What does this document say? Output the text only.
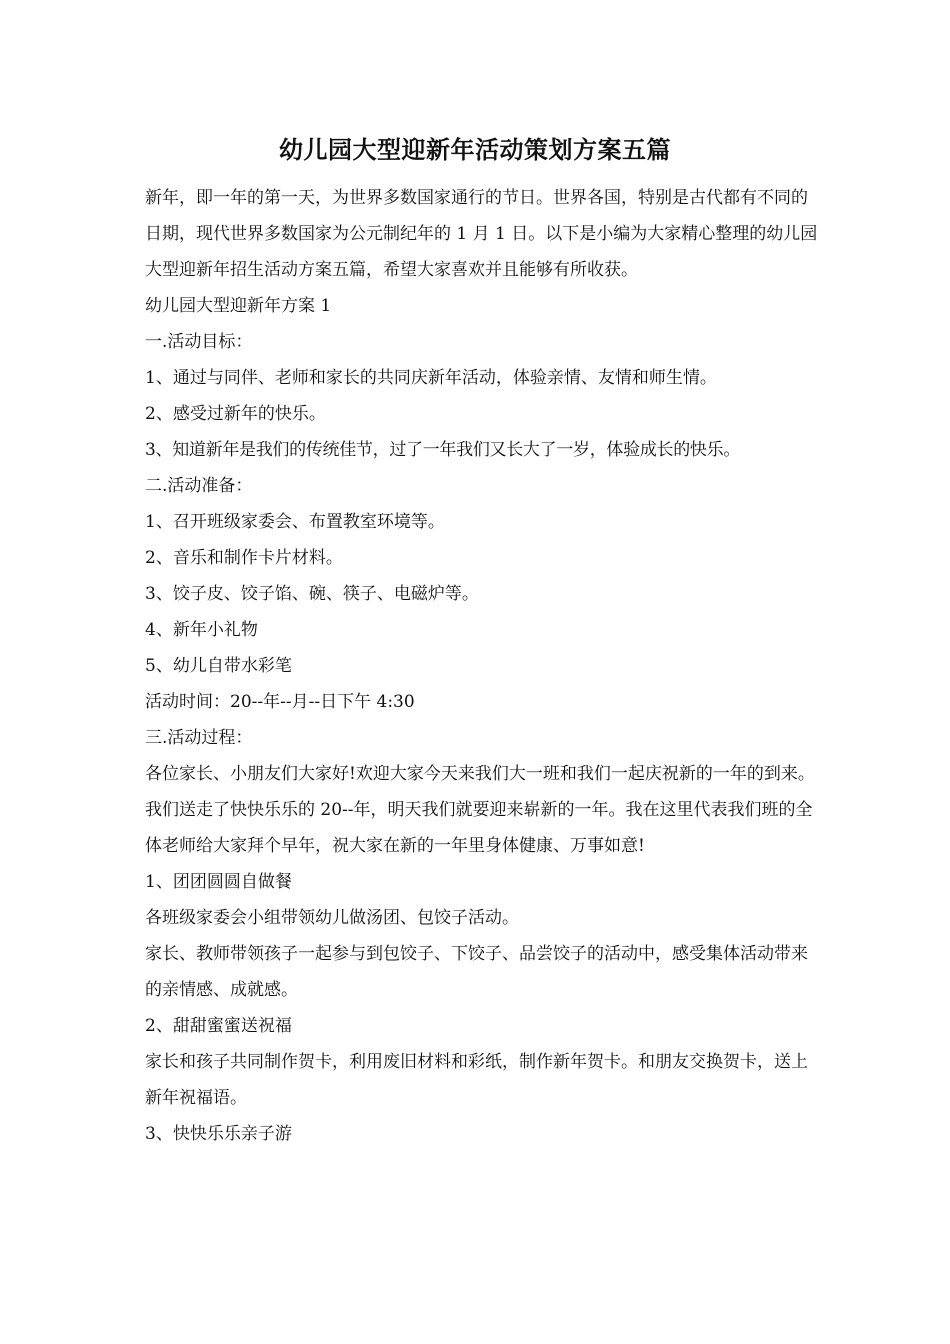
幼儿园大型迎新年活动策划方案五篇

新年，即一年的第一天，为世界多数国家通行的节日。世界各国，特别是古代都有不同的日期，现代世界多数国家为公元制纪年的 1 月 1 日。以下是小编为大家精心整理的幼儿园大型迎新年招生活动方案五篇，希望大家喜欢并且能够有所收获。

幼儿园大型迎新年方案 1

一.活动目标：

1、通过与同伴、老师和家长的共同庆新年活动，体验亲情、友情和师生情。

2、感受过新年的快乐。

3、知道新年是我们的传统佳节，过了一年我们又长大了一岁，体验成长的快乐。

二.活动准备：

1、召开班级家委会、布置教室环境等。

2、音乐和制作卡片材料。

3、饺子皮、饺子馅、碗、筷子、电磁炉等。

4、新年小礼物

5、幼儿自带水彩笔

活动时间：20--年--月--日下午 4:30

三.活动过程：

各位家长、小朋友们大家好!欢迎大家今天来我们大一班和我们一起庆祝新的一年的到来。我们送走了快快乐乐的 20--年，明天我们就要迎来崭新的一年。我在这里代表我们班的全体老师给大家拜个早年，祝大家在新的一年里身体健康、万事如意!

1、团团圆圆自做餐

各班级家委会小组带领幼儿做汤团、包饺子活动。

家长、教师带领孩子一起参与到包饺子、下饺子、品尝饺子的活动中，感受集体活动带来的亲情感、成就感。

2、甜甜蜜蜜送祝福

家长和孩子共同制作贺卡，利用废旧材料和彩纸，制作新年贺卡。和朋友交换贺卡，送上新年祝福语。

3、快快乐乐亲子游
